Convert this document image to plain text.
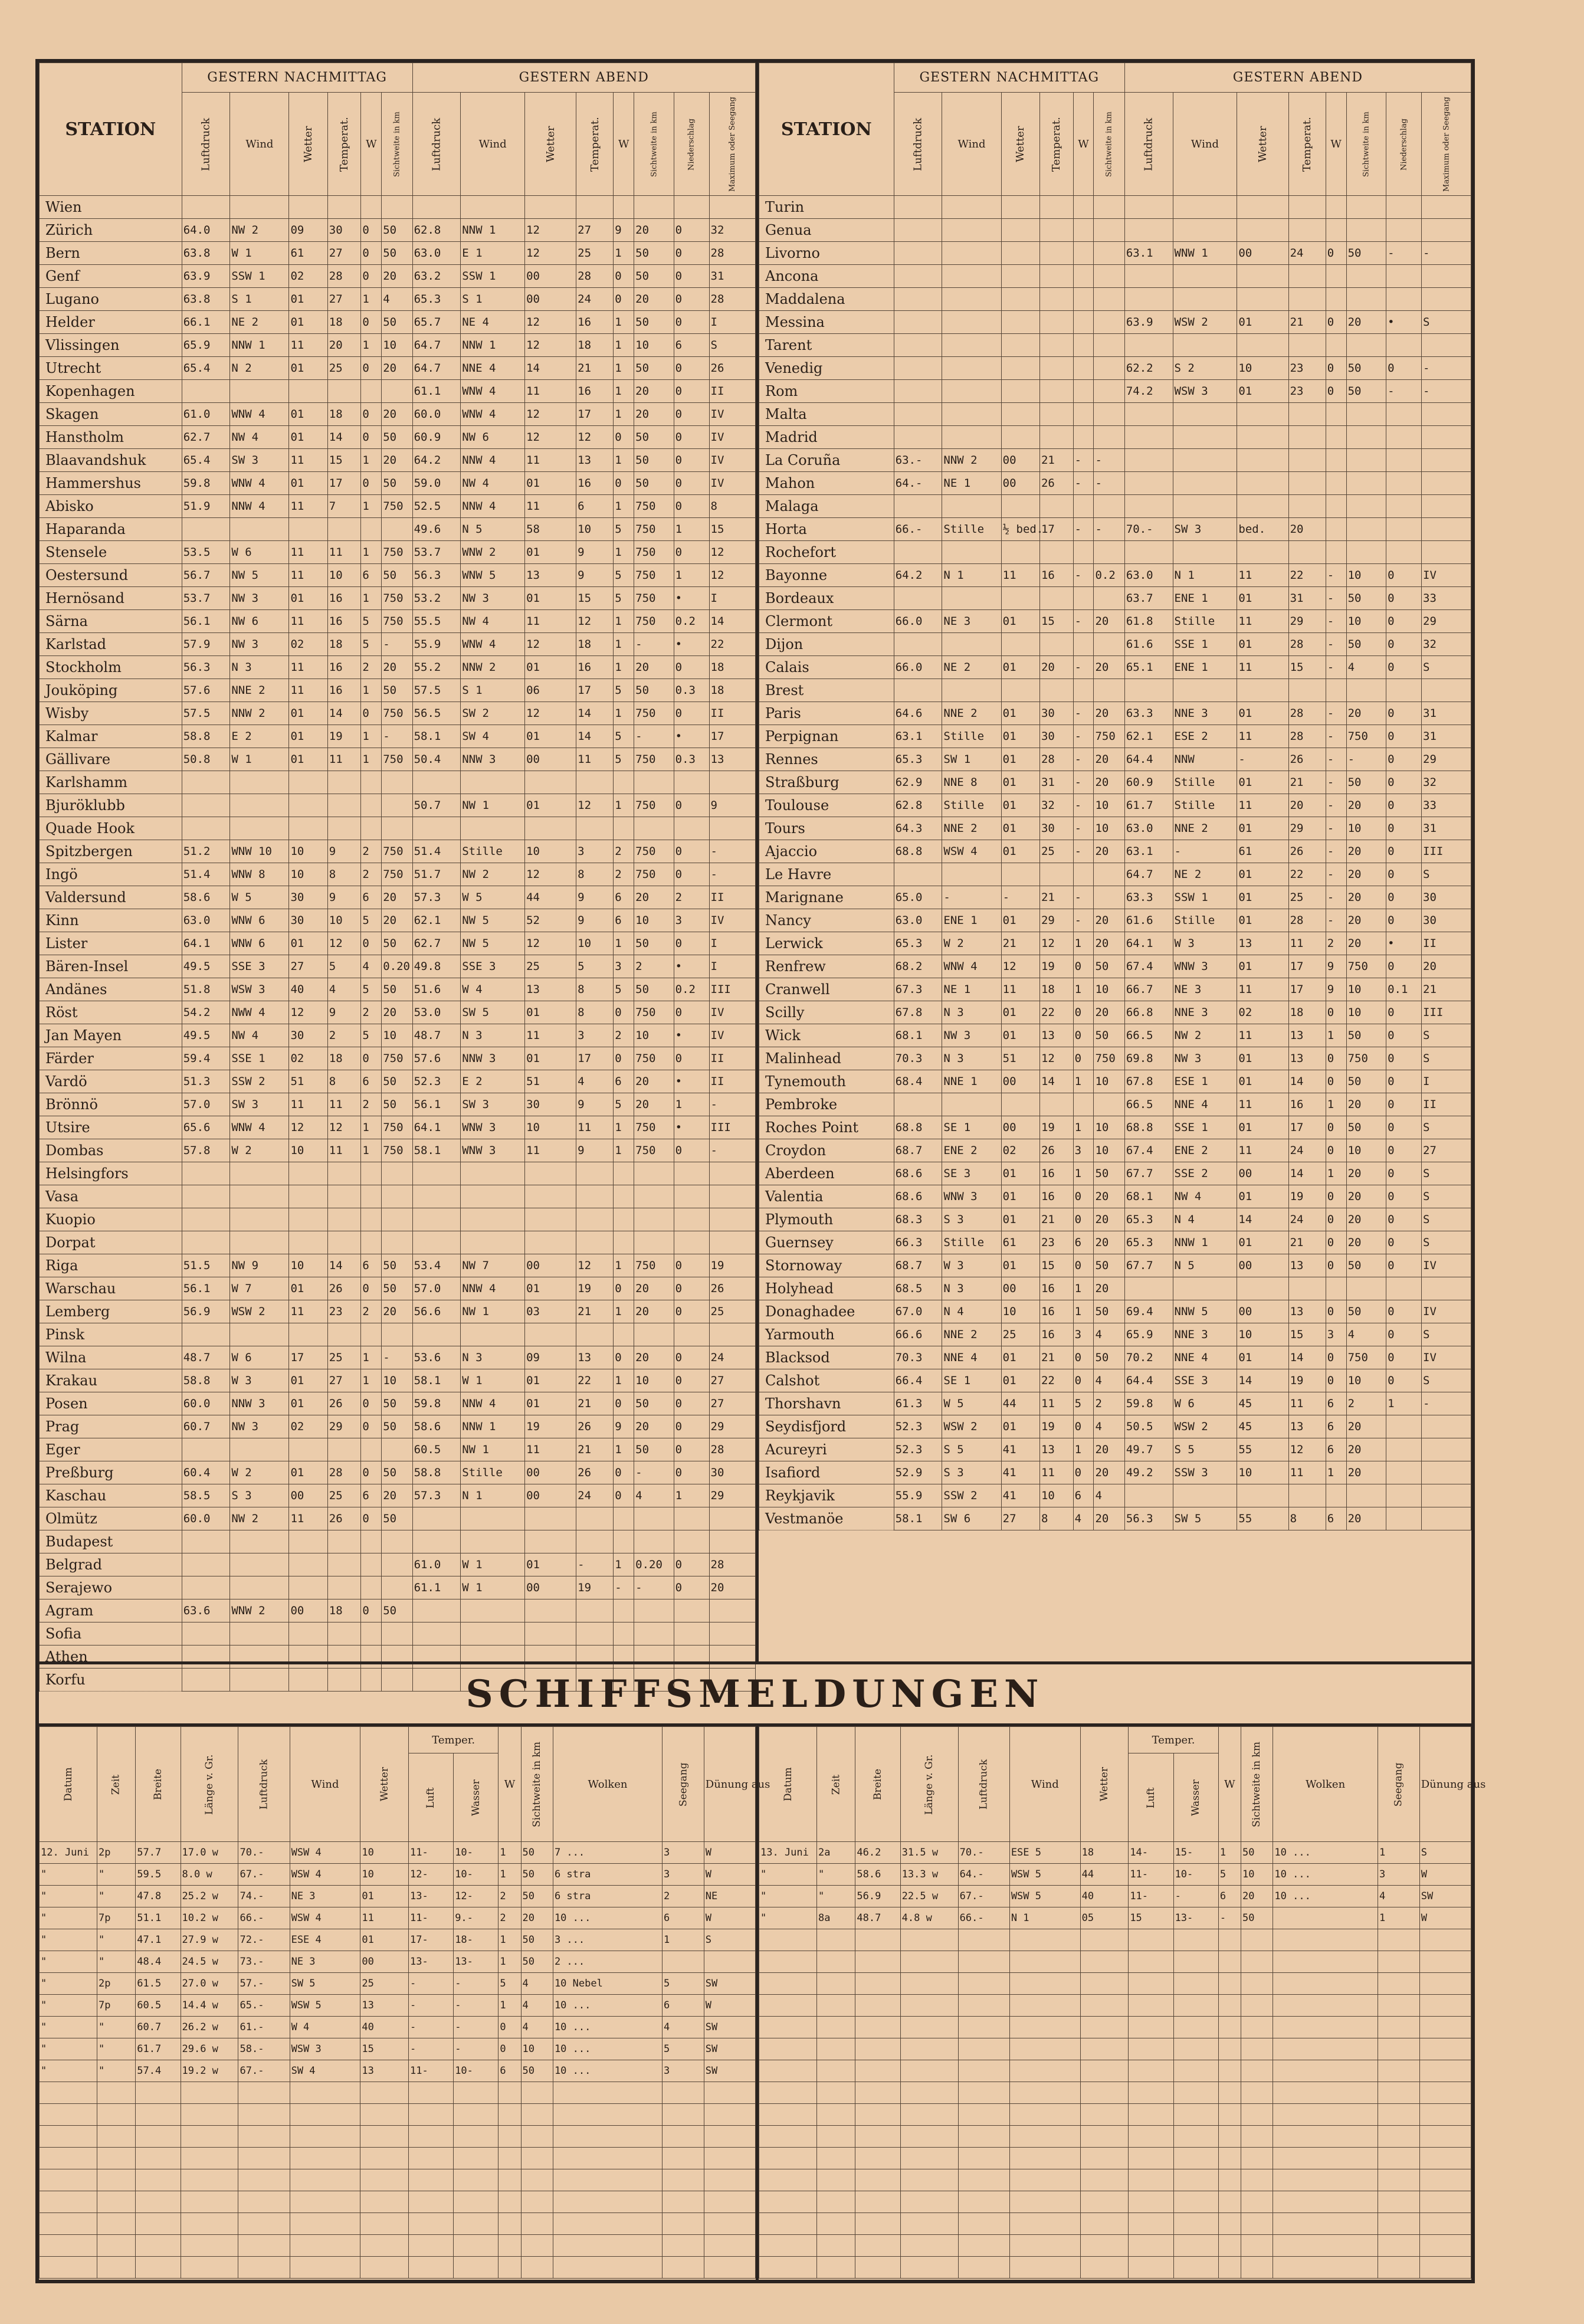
STATION	GESTERN NACHMITTAG						GESTERN ABEND							
	Luftdruck	Wind	Wetter	Temperat.	W	Sichtweite in km	Luftdruck	Wind	Wetter	Temperat.	W	Sichtweite in km	Niederschlag	Maximum oder Seegang
Wien														
Zürich	64.0	NW 2	09	30	0	50	62.8	NNW 1	12	27	9	20	0	32
Bern	63.8	W 1	61	27	0	50	63.0	E 1	12	25	1	50	0	28
Genf	63.9	SSW 1	02	28	0	20	63.2	SSW 1	00	28	0	50	0	31
Lugano	63.8	S 1	01	27	1	4	65.3	S 1	00	24	0	20	0	28
Helder	66.1	NE 2	01	18	0	50	65.7	NE 4	12	16	1	50	0	I
Vlissingen	65.9	NNW 1	11	20	1	10	64.7	NNW 1	12	18	1	10	6	S
Utrecht	65.4	N 2	01	25	0	20	64.7	NNE 4	14	21	1	50	0	26
Kopenhagen							61.1	WNW 4	11	16	1	20	0	II
Skagen	61.0	WNW 4	01	18	0	20	60.0	WNW 4	12	17	1	20	0	IV
Hanstholm	62.7	NW 4	01	14	0	50	60.9	NW 6	12	12	0	50	0	IV
Blaavandshuk	65.4	SW 3	11	15	1	20	64.2	NNW 4	11	13	1	50	0	IV
Hammershus	59.8	WNW 4	01	17	0	50	59.0	NW 4	01	16	0	50	0	IV
Abisko	51.9	NNW 4	11	7	1	750	52.5	NNW 4	11	6	1	750	0	8
Haparanda							49.6	N 5	58	10	5	750	1	15
Stensele	53.5	W 6	11	11	1	750	53.7	WNW 2	01	9	1	750	0	12
Oestersund	56.7	NW 5	11	10	6	50	56.3	WNW 5	13	9	5	750	1	12
Hernösand	53.7	NW 3	01	16	1	750	53.2	NW 3	01	15	5	750	•	I
Särna	56.1	NW 6	11	16	5	750	55.5	NW 4	11	12	1	750	0.2	14
Karlstad	57.9	NW 3	02	18	5	-	55.9	WNW 4	12	18	1	-	•	22
Stockholm	56.3	N 3	11	16	2	20	55.2	NNW 2	01	16	1	20	0	18
Jouköping	57.6	NNE 2	11	16	1	50	57.5	S 1	06	17	5	50	0.3	18
Wisby	57.5	NNW 2	01	14	0	750	56.5	SW 2	12	14	1	750	0	II
Kalmar	58.8	E 2	01	19	1	-	58.1	SW 4	01	14	5	-	•	17
Gällivare	50.8	W 1	01	11	1	750	50.4	NNW 3	00	11	5	750	0.3	13
Karlshamm														
Bjuröklubb							50.7	NW 1	01	12	1	750	0	9
Quade Hook														
Spitzbergen	51.2	WNW 10	10	9	2	750	51.4	Stille	10	3	2	750	0	-
Ingö	51.4	WNW 8	10	8	2	750	51.7	NW 2	12	8	2	750	0	-
Valdersund	58.6	W 5	30	9	6	20	57.3	W 5	44	9	6	20	2	II
Kinn	63.0	WNW 6	30	10	5	20	62.1	NW 5	52	9	6	10	3	IV
Lister	64.1	WNW 6	01	12	0	50	62.7	NW 5	12	10	1	50	0	I
Bären-Insel	49.5	SSE 3	27	5	4	0.20	49.8	SSE 3	25	5	3	2	•	I
Andänes	51.8	WSW 3	40	4	5	50	51.6	W 4	13	8	5	50	0.2	III
Röst	54.2	NWW 4	12	9	2	20	53.0	SW 5	01	8	0	750	0	IV
Jan Mayen	49.5	NW 4	30	2	5	10	48.7	N 3	11	3	2	10	•	IV
Färder	59.4	SSE 1	02	18	0	750	57.6	NNW 3	01	17	0	750	0	II
Vardö	51.3	SSW 2	51	8	6	50	52.3	E 2	51	4	6	20	•	II
Brönnö	57.0	SW 3	11	11	2	50	56.1	SW 3	30	9	5	20	1	-
Utsire	65.6	WNW 4	12	12	1	750	64.1	WNW 3	10	11	1	750	•	III
Dombas	57.8	W 2	10	11	1	750	58.1	WNW 3	11	9	1	750	0	-
Helsingfors														
Vasa														
Kuopio														
Dorpat														
Riga	51.5	NW 9	10	14	6	50	53.4	NW 7	00	12	1	750	0	19
Warschau	56.1	W 7	01	26	0	50	57.0	NNW 4	01	19	0	20	0	26
Lemberg	56.9	WSW 2	11	23	2	20	56.6	NW 1	03	21	1	20	0	25
Pinsk														
Wilna	48.7	W 6	17	25	1	-	53.6	N 3	09	13	0	20	0	24
Krakau	58.8	W 3	01	27	1	10	58.1	W 1	01	22	1	10	0	27
Posen	60.0	NNW 3	01	26	0	50	59.8	NNW 4	01	21	0	50	0	27
Prag	60.7	NW 3	02	29	0	50	58.6	NNW 1	19	26	9	20	0	29
Eger							60.5	NW 1	11	21	1	50	0	28
Preßburg	60.4	W 2	01	28	0	50	58.8	Stille	00	26	0	-	0	30
Kaschau	58.5	S 3	00	25	6	20	57.3	N 1	00	24	0	4	1	29
Olmütz	60.0	NW 2	11	26	0	50								
Budapest														
Belgrad							61.0	W 1	01	-	1	0.20	0	28
Serajewo							61.1	W 1	00	19	-	-	0	20
Agram	63.6	WNW 2	00	18	0	50								
Sofia														
Athen														
Korfu														
STATION	GESTERN NACHMITTAG						GESTERN ABEND							
	Luftdruck	Wind	Wetter	Temperat.	W	Sichtweite in km	Luftdruck	Wind	Wetter	Temperat.	W	Sichtweite in km	Niederschlag	Maximum oder Seegang
Turin														
Genua														
Livorno							63.1	WNW 1	00	24	0	50	-	-
Ancona														
Maddalena														
Messina							63.9	WSW 2	01	21	0	20	•	S
Tarent														
Venedig							62.2	S 2	10	23	0	50	0	-
Rom							74.2	WSW 3	01	23	0	50	-	-
Malta														
Madrid														
La Coruña	63.-	NNW 2	00	21	-	-								
Mahon	64.-	NE 1	00	26	-	-								
Malaga														
Horta	66.-	Stille	½ bed.	17	-	-	70.-	SW 3	bed.	20				
Rochefort														
Bayonne	64.2	N 1	11	16	-	0.2	63.0	N 1	11	22	-	10	0	IV
Bordeaux							63.7	ENE 1	01	31	-	50	0	33
Clermont	66.0	NE 3	01	15	-	20	61.8	Stille	11	29	-	10	0	29
Dijon							61.6	SSE 1	01	28	-	50	0	32
Calais	66.0	NE 2	01	20	-	20	65.1	ENE 1	11	15	-	4	0	S
Brest														
Paris	64.6	NNE 2	01	30	-	20	63.3	NNE 3	01	28	-	20	0	31
Perpignan	63.1	Stille	01	30	-	750	62.1	ESE 2	11	28	-	750	0	31
Rennes	65.3	SW 1	01	28	-	20	64.4	NNW	-	26	-	-	0	29
Straßburg	62.9	NNE 8	01	31	-	20	60.9	Stille	01	21	-	50	0	32
Toulouse	62.8	Stille	01	32	-	10	61.7	Stille	11	20	-	20	0	33
Tours	64.3	NNE 2	01	30	-	10	63.0	NNE 2	01	29	-	10	0	31
Ajaccio	68.8	WSW 4	01	25	-	20	63.1	-	61	26	-	20	0	III
Le Havre							64.7	NE 2	01	22	-	20	0	S
Marignane	65.0	-	-	21	-		63.3	SSW 1	01	25	-	20	0	30
Nancy	63.0	ENE 1	01	29	-	20	61.6	Stille	01	28	-	20	0	30
Lerwick	65.3	W 2	21	12	1	20	64.1	W 3	13	11	2	20	•	II
Renfrew	68.2	WNW 4	12	19	0	50	67.4	WNW 3	01	17	9	750	0	20
Cranwell	67.3	NE 1	11	18	1	10	66.7	NE 3	11	17	9	10	0.1	21
Scilly	67.8	N 3	01	22	0	20	66.8	NNE 3	02	18	0	10	0	III
Wick	68.1	NW 3	01	13	0	50	66.5	NW 2	11	13	1	50	0	S
Malinhead	70.3	N 3	51	12	0	750	69.8	NW 3	01	13	0	750	0	S
Tynemouth	68.4	NNE 1	00	14	1	10	67.8	ESE 1	01	14	0	50	0	I
Pembroke							66.5	NNE 4	11	16	1	20	0	II
Roches Point	68.8	SE 1	00	19	1	10	68.8	SSE 1	01	17	0	50	0	S
Croydon	68.7	ENE 2	02	26	3	10	67.4	ENE 2	11	24	0	10	0	27
Aberdeen	68.6	SE 3	01	16	1	50	67.7	SSE 2	00	14	1	20	0	S
Valentia	68.6	WNW 3	01	16	0	20	68.1	NW 4	01	19	0	20	0	S
Plymouth	68.3	S 3	01	21	0	20	65.3	N 4	14	24	0	20	0	S
Guernsey	66.3	Stille	61	23	6	20	65.3	NNW 1	01	21	0	20	0	S
Stornoway	68.7	W 3	01	15	0	50	67.7	N 5	00	13	0	50	0	IV
Holyhead	68.5	N 3	00	16	1	20								
Donaghadee	67.0	N 4	10	16	1	50	69.4	NNW 5	00	13	0	50	0	IV
Yarmouth	66.6	NNE 2	25	16	3	4	65.9	NNE 3	10	15	3	4	0	S
Blacksod	70.3	NNE 4	01	21	0	50	70.2	NNE 4	01	14	0	750	0	IV
Calshot	66.4	SE 1	01	22	0	4	64.4	SSE 3	14	19	0	10	0	S
Thorshavn	61.3	W 5	44	11	5	2	59.8	W 6	45	11	6	2	1	-
Seydisfjord	52.3	WSW 2	01	19	0	4	50.5	WSW 2	45	13	6	20		
Acureyri	52.3	S 5	41	13	1	20	49.7	S 5	55	12	6	20		
Isafiord	52.9	S 3	41	11	0	20	49.2	SSW 3	10	11	1	20		
Reykjavik	55.9	SSW 2	41	10	6	4								
Vestmanöe	58.1	SW 6	27	8	4	20	56.3	SW 5	55	8	6	20		
SCHIFFSMELDUNGEN
Datum	Zeit	Breite	Länge v. Gr.	Luftdruck	Wind	Wetter	Temper.		W	Sichtweite in km	Wolken	Seegang	Dünung aus
							Luft	Wasser					
12. Juni	2p	57.7	17.0 w	70.-	WSW 4	10	11-	10-	1	50	7 ...	3	W
"	"	59.5	8.0 w	67.-	WSW 4	10	12-	10-	1	50	6 stra	3	W
"	"	47.8	25.2 w	74.-	NE 3	01	13-	12-	2	50	6 stra	2	NE
"	7p	51.1	10.2 w	66.-	WSW 4	11	11-	9.-	2	20	10 ...	6	W
"	"	47.1	27.9 w	72.-	ESE 4	01	17-	18-	1	50	3 ...	1	S
"	"	48.4	24.5 w	73.-	NE 3	00	13-	13-	1	50	2 ...		
"	2p	61.5	27.0 w	57.-	SW 5	25	-	-	5	4	10 Nebel	5	SW
"	7p	60.5	14.4 w	65.-	WSW 5	13	-	-	1	4	10 ...	6	W
"	"	60.7	26.2 w	61.-	W 4	40	-	-	0	4	10 ...	4	SW
"	"	61.7	29.6 w	58.-	WSW 3	15	-	-	0	10	10 ...	5	SW
"	"	57.4	19.2 w	67.-	SW 4	13	11-	10-	6	50	10 ...	3	SW

Datum	Zeit	Breite	Länge v. Gr.	Luftdruck	Wind	Wetter	Temper.		W	Sichtweite in km	Wolken	Seegang	Dünung aus
							Luft	Wasser					
13. Juni	2a	46.2	31.5 w	70.-	ESE 5	18	14-	15-	1	50	10 ...	1	S
"	"	58.6	13.3 w	64.-	WSW 5	44	11-	10-	5	10	10 ...	3	W
"	"	56.9	22.5 w	67.-	WSW 5	40	11-	-	6	20	10 ...	4	SW
"	8a	48.7	4.8 w	66.-	N 1	05	15	13-	-	50		1	W
